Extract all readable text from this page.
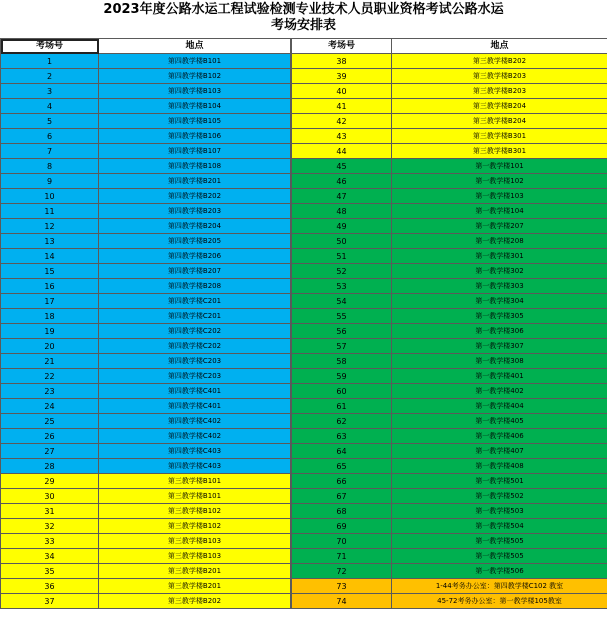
2023年度公路水运工程试验检测专业技术人员职业资格考试公路水运
考场安排表
考场号	地点
1	第四教学楼B101
2	第四教学楼B102
3	第四教学楼B103
4	第四教学楼B104
5	第四教学楼B105
6	第四教学楼B106
7	第四教学楼B107
8	第四教学楼B108
9	第四教学楼B201
10	第四教学楼B202
11	第四教学楼B203
12	第四教学楼B204
13	第四教学楼B205
14	第四教学楼B206
15	第四教学楼B207
16	第四教学楼B208
17	第四教学楼C201
18	第四教学楼C201
19	第四教学楼C202
20	第四教学楼C202
21	第四教学楼C203
22	第四教学楼C203
23	第四教学楼C401
24	第四教学楼C401
25	第四教学楼C402
26	第四教学楼C402
27	第四教学楼C403
28	第四教学楼C403
29	第三教学楼B101
30	第三教学楼B101
31	第三教学楼B102
32	第三教学楼B102
33	第三教学楼B103
34	第三教学楼B103
35	第三教学楼B201
36	第三教学楼B201
37	第三教学楼B202
考场号	地点
38	第三教学楼B202
39	第三教学楼B203
40	第三教学楼B203
41	第三教学楼B204
42	第三教学楼B204
43	第三教学楼B301
44	第三教学楼B301
45	第一教学楼101
46	第一教学楼102
47	第一教学楼103
48	第一教学楼104
49	第一教学楼207
50	第一教学楼208
51	第一教学楼301
52	第一教学楼302
53	第一教学楼303
54	第一教学楼304
55	第一教学楼305
56	第一教学楼306
57	第一教学楼307
58	第一教学楼308
59	第一教学楼401
60	第一教学楼402
61	第一教学楼404
62	第一教学楼405
63	第一教学楼406
64	第一教学楼407
65	第一教学楼408
66	第一教学楼501
67	第一教学楼502
68	第一教学楼503
69	第一教学楼504
70	第一教学楼505
71	第一教学楼505
72	第一教学楼506
73	1-44考务办公室：第四教学楼C102 教室
74	45-72考务办公室：第一教学楼105教室
